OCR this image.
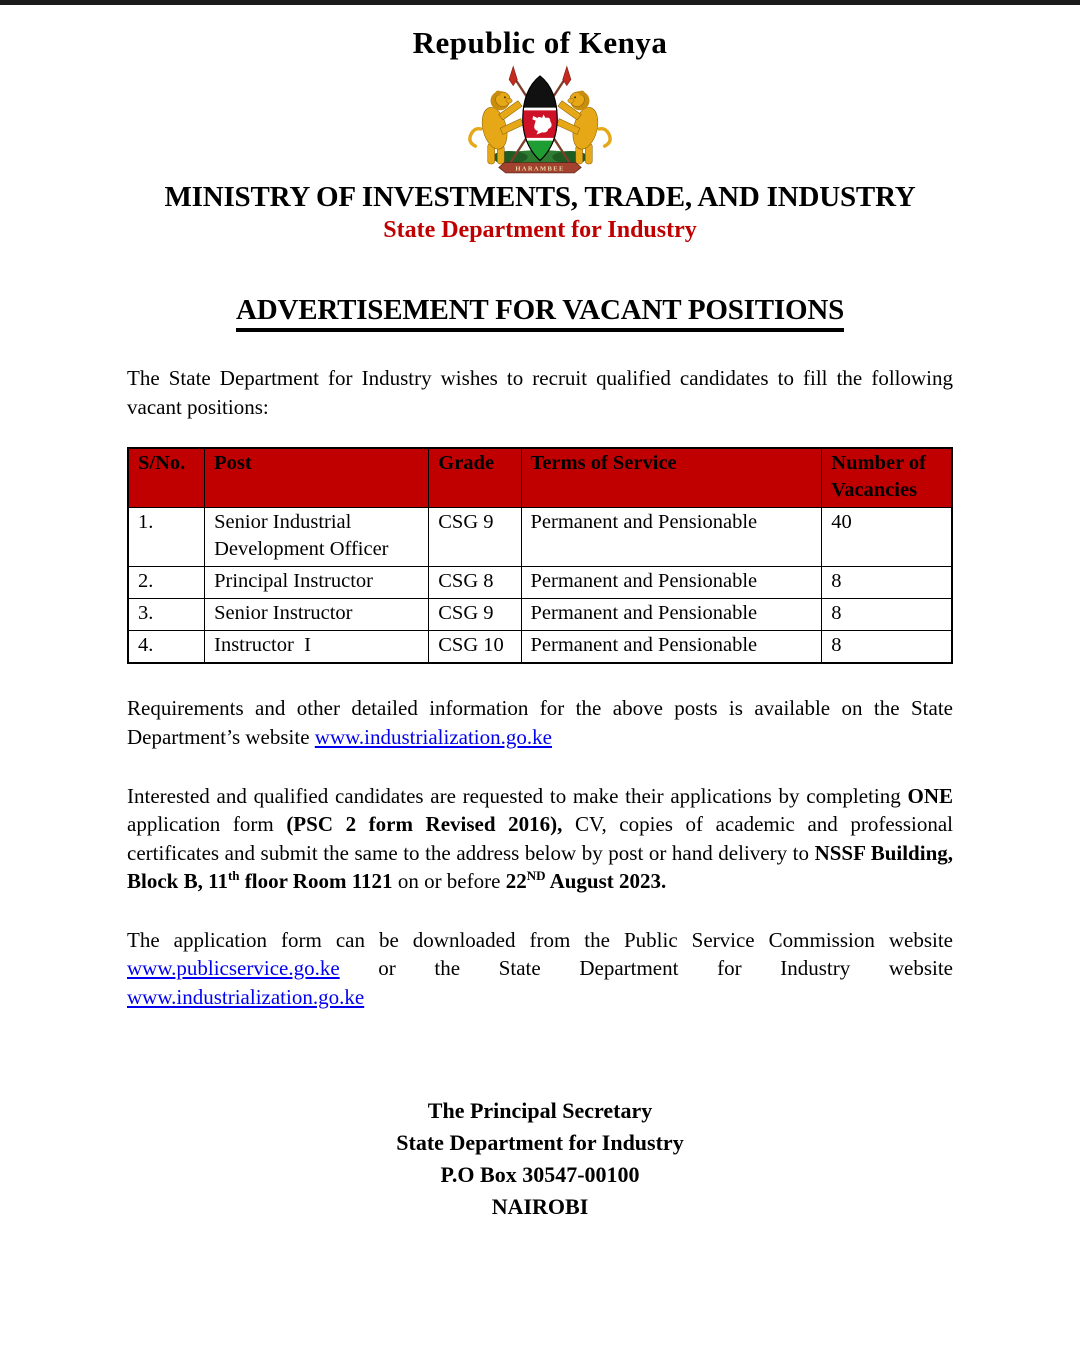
Republic of Kenya
HARAMBEE
MINISTRY OF INVESTMENTS, TRADE, AND INDUSTRY
State Department for Industry
ADVERTISEMENT FOR VACANT POSITIONS

The State Department for Industry wishes to recruit qualified candidates to fill the following vacant positions:

S/No.	Post	Grade	Terms of Service	Number of Vacancies
1.	Senior Industrial Development Officer	CSG 9	Permanent and Pensionable	40
2.	Principal Instructor	CSG 8	Permanent and Pensionable	8
3.	Senior Instructor	CSG 9	Permanent and Pensionable	8
4.	Instructor  I	CSG 10	Permanent and Pensionable	8

Requirements and other detailed information for the above posts is available on the State Department’s website www.industrialization.go.ke

Interested and qualified candidates are requested to make their applications by completing ONE application form (PSC 2 form Revised 2016), CV, copies of academic and professional certificates and submit the same to the address below by post or hand delivery to NSSF Building, Block B, 11th floor Room 1121 on or before 22ND August 2023.

The application form can be downloaded from the Public Service Commission website www.publicservice.go.ke or the State Department for Industry website www.industrialization.go.ke

The Principal Secretary
State Department for Industry
P.O Box 30547-00100
NAIROBI
